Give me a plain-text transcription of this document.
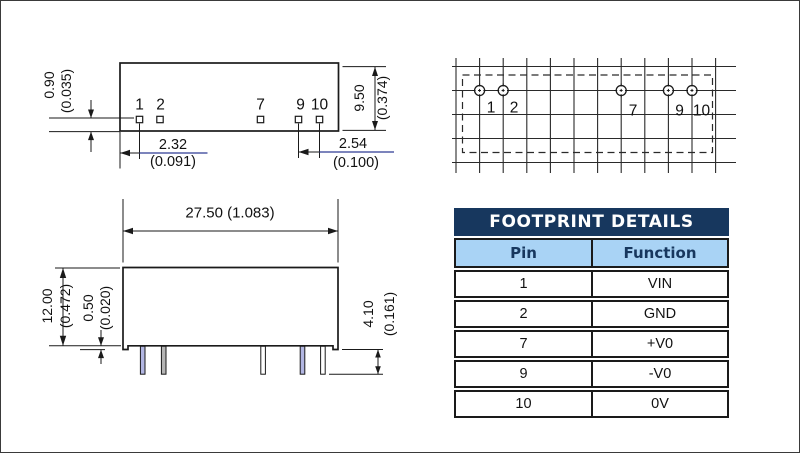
1 2	7 9 10
0.90 (0.035)	9.50 (0.374)
2.32
(0.091)
2.54
(0.100)
1 2	7 9 10
27.50 (1.083)
12.00 (0.472) 0.50 (0.020)	4.10 (0.161)
FOOTPRINT DETAILS
Pin	Function
1	VIN
2	GND
7	+V0
9	-V0
10	0V
